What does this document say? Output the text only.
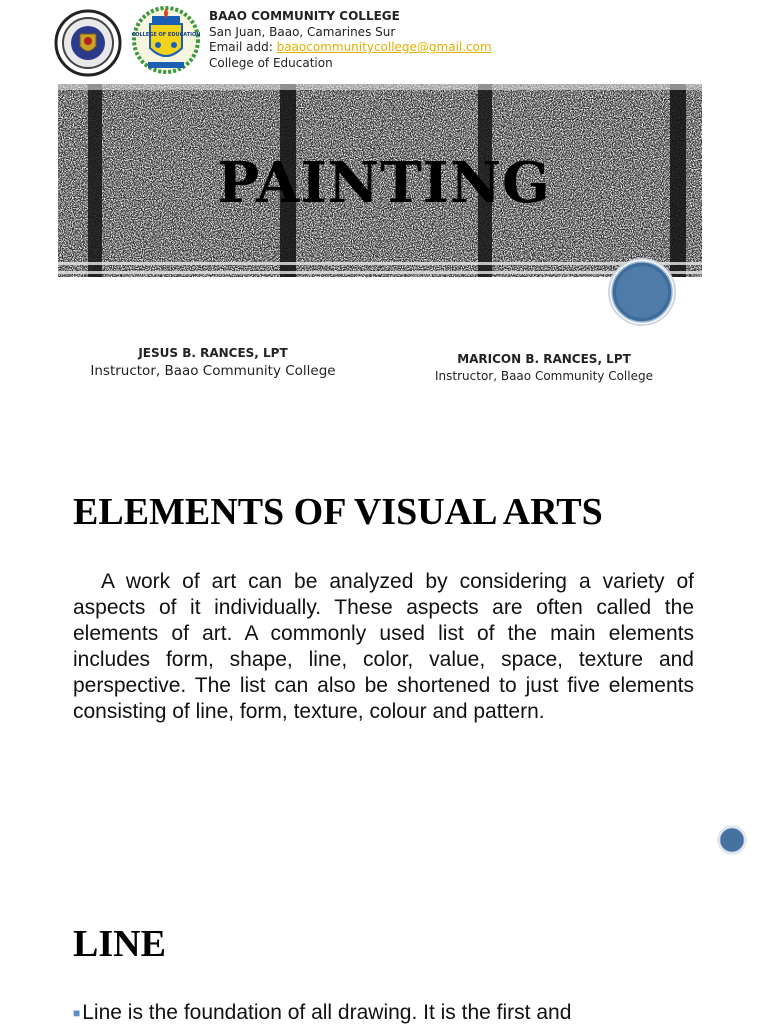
COLLEGE OF EDUCATION
BAAO COMMUNITY COLLEGE
San Juan, Baao, Camarines Sur
Email add: baaocommunitycollege@gmail.com
College of Education
PAINTING
JESUS B. RANCES, LPT
Instructor, Baao Community College
MARICON B. RANCES, LPT
Instructor, Baao Community College
ELEMENTS OF VISUAL ARTS
A work of art can be analyzed by considering a variety of aspects of it individually. These aspects are often called the elements of art. A commonly used list of the main elements includes form, shape, line, color, value, space, texture and perspective. The list can also be shortened to just five elements consisting of line, form, texture, colour and pattern.
LINE
■Line is the foundation of all drawing. It is the first and
